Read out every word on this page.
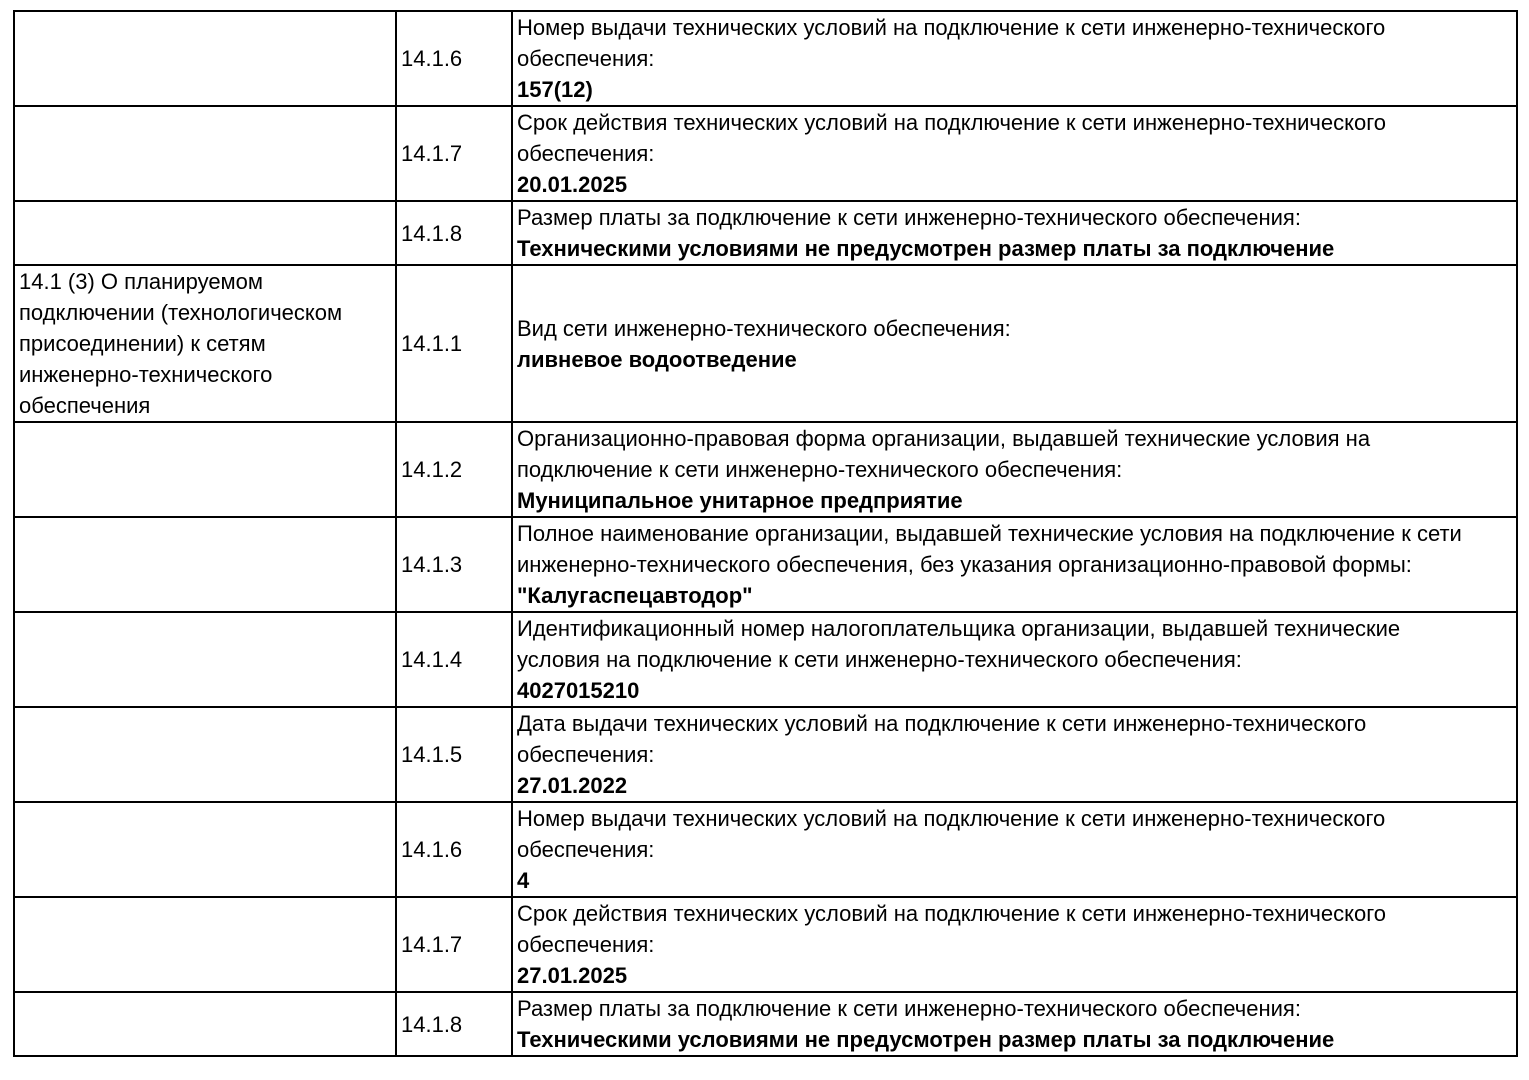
	14.1.6	Номер выдачи технических условий на подключение к сети инженерно-технического обеспечения:
157(12)

	14.1.7	Срок действия технических условий на подключение к сети инженерно-технического обеспечения:
20.01.2025

	14.1.8	Размер платы за подключение к сети инженерно-технического обеспечения:
Техническими условиями не предусмотрен размер платы за подключение

14.1 (3) О планируемом подключении (технологическом присоединении) к сетям инженерно-технического обеспечения	14.1.1	Вид сети инженерно-технического обеспечения:
ливневое водоотведение

	14.1.2	Организационно-правовая форма организации, выдавшей технические условия на подключение к сети инженерно-технического обеспечения:
Муниципальное унитарное предприятие

	14.1.3	Полное наименование организации, выдавшей технические условия на подключение к сети инженерно-технического обеспечения, без указания организационно-правовой формы:
"Калугаспецавтодор"

	14.1.4	Идентификационный номер налогоплательщика организации, выдавшей технические условия на подключение к сети инженерно-технического обеспечения:
4027015210

	14.1.5	Дата выдачи технических условий на подключение к сети инженерно-технического обеспечения:
27.01.2022

	14.1.6	Номер выдачи технических условий на подключение к сети инженерно-технического обеспечения:
4

	14.1.7	Срок действия технических условий на подключение к сети инженерно-технического обеспечения:
27.01.2025

	14.1.8	Размер платы за подключение к сети инженерно-технического обеспечения:
Техническими условиями не предусмотрен размер платы за подключение
